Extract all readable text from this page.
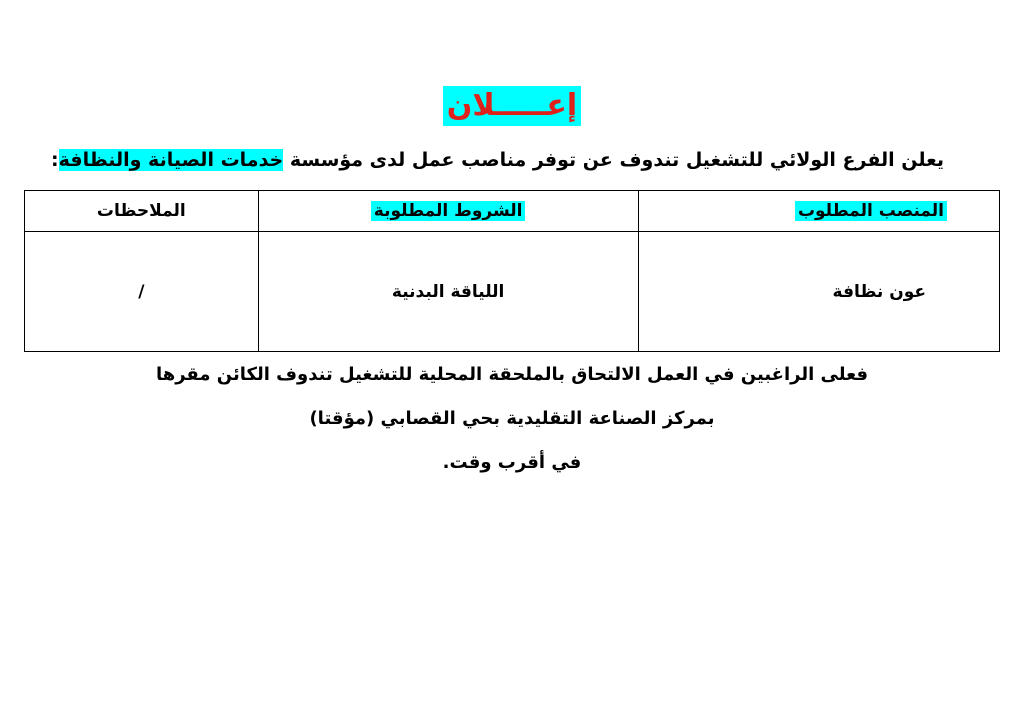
إعـــــلان
يعلن الفرع الولائي للتشغيل تندوف عن توفر مناصب عمل لدى مؤسسة خدمات الصيانة والنظافة:
المنصب المطلوب	الشروط المطلوبة	الملاحظات
عون نظافة	اللياقة البدنية	/
فعلى الراغبين في العمل الالتحاق بالملحقة المحلية للتشغيل تندوف الكائن مقرها
بمركز الصناعة التقليدية بحي القصابي (مؤقتا)
في أقرب وقت.
